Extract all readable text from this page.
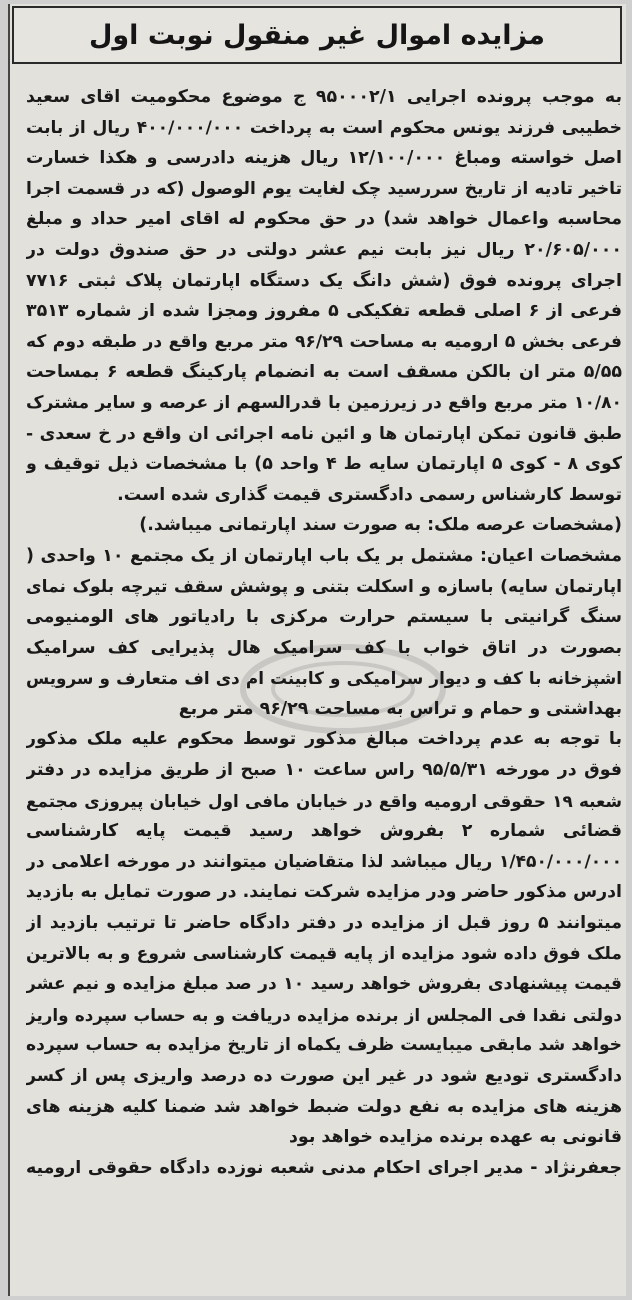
مزایده اموال غیر منقول نوبت اول
به موجب پرونده اجرایی ۹۵۰۰۰۲/۱ ج موضوع محکومیت اقای سعید
خطیبی فرزند یونس محکوم است به پرداخت ۴۰۰/۰۰۰/۰۰۰ ریال از بابت
اصل خواسته ومباغ ۱۲/۱۰۰/۰۰۰ ریال هزینه دادرسی و هکذا خسارت
تاخیر تادیه از تاریخ سررسید چک لغایت یوم الوصول (که در قسمت اجرا
محاسبه واعمال خواهد شد) در حق محکوم له اقای امیر حداد و مبلغ
۲۰/۶۰۵/۰۰۰ ریال نیز بابت نیم عشر دولتی در حق صندوق دولت در
اجرای پرونده فوق (شش دانگ یک دستگاه اپارتمان پلاک ثبتی ۷۷۱۶
فرعی از ۶ اصلی قطعه تفکیکی ۵ مفروز ومجزا شده از شماره ۳۵۱۳
فرعی بخش ۵ ارومیه به مساحت ۹۶/۲۹ متر مربع واقع در طبقه دوم که
۵/۵۵ متر ان بالکن مسقف است به انضمام پارکینگ قطعه ۶ بمساحت
۱۰/۸۰ متر مربع واقع در زیرزمین با قدرالسهم از عرصه و سایر مشترک
طبق قانون تمکن اپارتمان ها و ائین نامه اجرائی ان واقع در خ سعدی -
کوی ۸ - کوی ۵ اپارتمان سایه ط ۴ واحد ۵) با مشخصات ذیل توقیف و
توسط کارشناس رسمی دادگستری قیمت گذاری شده است.
(مشخصات عرصه ملک: به صورت سند اپارتمانی میباشد.)
مشخصات اعیان: مشتمل بر یک باب اپارتمان از یک مجتمع ۱۰ واحدی (
اپارتمان سایه) باسازه و اسکلت بتنی و پوشش سقف تیرچه بلوک نمای
سنگ گرانیتی با سیستم حرارت مرکزی با رادیاتور های الومنیومی
بصورت در اتاق خواب با کف سرامیک هال پذیرایی کف سرامیک
اشپزخانه با کف و دیوار سرامیکی و کابینت ام دی اف متعارف و سرویس
بهداشتی و حمام و تراس به مساحت ۹۶/۲۹ متر مربع
با توجه به عدم پرداخت مبالغ مذکور توسط محکوم علیه ملک مذکور
فوق در مورخه ۹۵/۵/۳۱ راس ساعت ۱۰ صبح از طریق مزایده در دفتر
شعبه ۱۹ حقوقی ارومیه واقع در خیابان مافی اول خیابان پیروزی مجتمع
قضائی شماره ۲ بفروش خواهد رسید قیمت پایه کارشناسی
۱/۴۵۰/۰۰۰/۰۰۰ ریال میباشد لذا متقاضیان میتوانند در مورخه اعلامی در
ادرس مذکور حاضر ودر مزایده شرکت نمایند. در صورت تمایل به بازدید
میتوانند ۵ روز قبل از مزایده در دفتر دادگاه حاضر تا ترتیب بازدید از
ملک فوق داده شود مزایده از پایه قیمت کارشناسی شروع و به بالاترین
قیمت پیشنهادی بفروش خواهد رسید ۱۰ در صد مبلغ مزایده و نیم عشر
دولتی نقدا فی المجلس از برنده مزایده دریافت و به حساب سپرده واریز
خواهد شد مابقی میبایست ظرف یکماه از تاریخ مزایده به حساب سپرده
دادگستری تودیع شود در غیر این صورت ده درصد واریزی پس از کسر
هزینه های مزایده به نفع دولت ضبط خواهد شد ضمنا کلیه هزینه های
قانونی به عهده برنده مزایده خواهد بود
جعفرنژاد - مدیر اجرای احکام مدنی شعبه نوزده دادگاه حقوقی ارومیه
